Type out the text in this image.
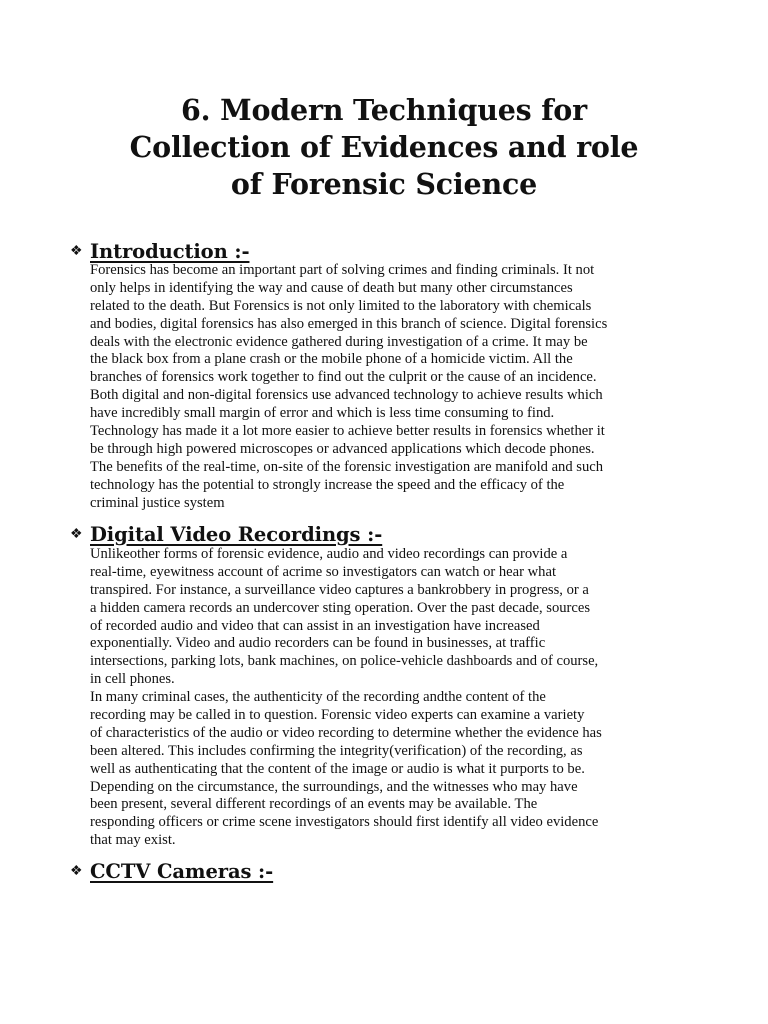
6. Modern Techniques for
Collection of Evidences and role
of Forensic Science
❖ Introduction :-
Forensics has become an important part of solving crimes and finding criminals. It not
only helps in identifying the way and cause of death but many other circumstances
related to the death. But Forensics is not only limited to the laboratory with chemicals
and bodies, digital forensics has also emerged in this branch of science. Digital forensics
deals with the electronic evidence gathered during investigation of a crime. It may be
the black box from a plane crash or the mobile phone of a homicide victim. All the
branches of forensics work together to find out the culprit or the cause of an incidence.
Both digital and non-digital forensics use advanced technology to achieve results which
have incredibly small margin of error and which is less time consuming to find.
Technology has made it a lot more easier to achieve better results in forensics whether it
be through high powered microscopes or advanced applications which decode phones.
The benefits of the real-time, on-site of the forensic investigation are manifold and such
technology has the potential to strongly increase the speed and the efficacy of the
criminal justice system
❖ Digital Video Recordings :-
Unlikeother forms of forensic evidence, audio and video recordings can provide a
real-time, eyewitness account of acrime so investigators can watch or hear what
transpired. For instance, a surveillance video captures a bankrobbery in progress, or a
a hidden camera records an undercover sting operation. Over the past decade, sources
of recorded audio and video that can assist in an investigation have increased
exponentially. Video and audio recorders can be found in businesses, at traffic
intersections, parking lots, bank machines, on police-vehicle dashboards and of course,
in cell phones.
In many criminal cases, the authenticity of the recording andthe content of the
recording may be called in to question. Forensic video experts can examine a variety
of characteristics of the audio or video recording to determine whether the evidence has
been altered. This includes confirming the integrity(verification) of the recording, as
well as authenticating that the content of the image or audio is what it purports to be.
Depending on the circumstance, the surroundings, and the witnesses who may have
been present, several different recordings of an events may be available. The
responding officers or crime scene investigators should first identify all video evidence
that may exist.
❖ CCTV Cameras :-
